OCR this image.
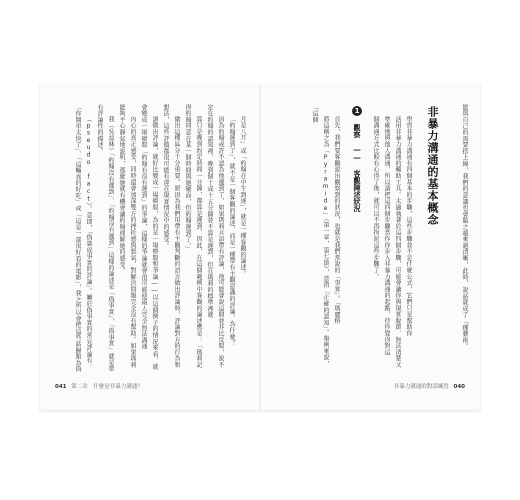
月是八月」或「約翰在中午到達」，就是一種客觀的論述。

「約翰遲到了」，就不是一個客觀的論述，而是一種帶有主觀意識的評論。為什麼？

因為約翰或許不認為他遲到了，如果瑪莉言語帶有評論，他可能會說這個並非比反駁，說不定在約翰的認知裡，晚到個十或十五分鐘並不算是遲到，但在瑪莉的標準裡就

算只是晚到約定時間一分鐘，都算是遲到。因此，在這個範例中客觀的論述應是：「瑪莉記得約翰同意在某一個時間與她碰面，但約翰遲到了。」

做出這種區分十分重要。原因為我們用帶有主觀判斷的語言做出評論時，評論對方的行為和想法，這些評價都很可能有違在現實情況中的感受。

謂做出評論，就好比變成一場辯駁，為的是一場辯駁和爭論――以這個例子的情況來看，就會變成一場辯駁「約翰有沒有遲到」的爭論，這樣的爭論就會很可能使兩人完全無法溝通

內心的真正感受，同時還會加深雙方的挫折感與怒氣，對解決問題完全沒有幫助。如果瑪莉能夠平心靜氣地說明，那麼她就有機會讓約翰理解她的感受。

我（吳益林）「約翰沒有遲到」、「約翰沒有遲到」這樣的論述是「偽事實」，「偽事實」就是帶有評論性的描述。

（pseudo fact）。意即，「偽裝成事實的評論」。屬於偽事實的常見評論有：「你開車太快了」、「這輛真的好吃」或「這是一部很好看的電影」，我之所以會把這些話歸類為偽

041 第二章　什麼是非暴力溝通？
能與自己的需要搭上線，我們的意識也會隨之越來越清晰，此時，說話就成了「種藝術。
非暴力溝通的基本概念

學習非暴力溝通有四個基本的步驟，這些步驟並不是什麼公式，它們只是幫助你

活用非暴力溝通的輔助工具。太過執著於這四個步驟，可能會讓你與現實脫節、無法清楚又

準確地與他人溝通，所以請把這四個步驟當作你步入非暴力溝通的起點，待你覺得對這

個溝通方式比較有心得了後，就可以不再拘泥這些步驟了。

1 觀察 ―― 客觀陳述狀況

首先，我們要客觀說出觀察到的狀況，也就是我們常說的「事實」。「瑪麗格

將這稱之為「Pyramide」（第一章，第七節），意指「正確的認知」。舉例來說，「這個

非暴力溝通的對話練習 040
